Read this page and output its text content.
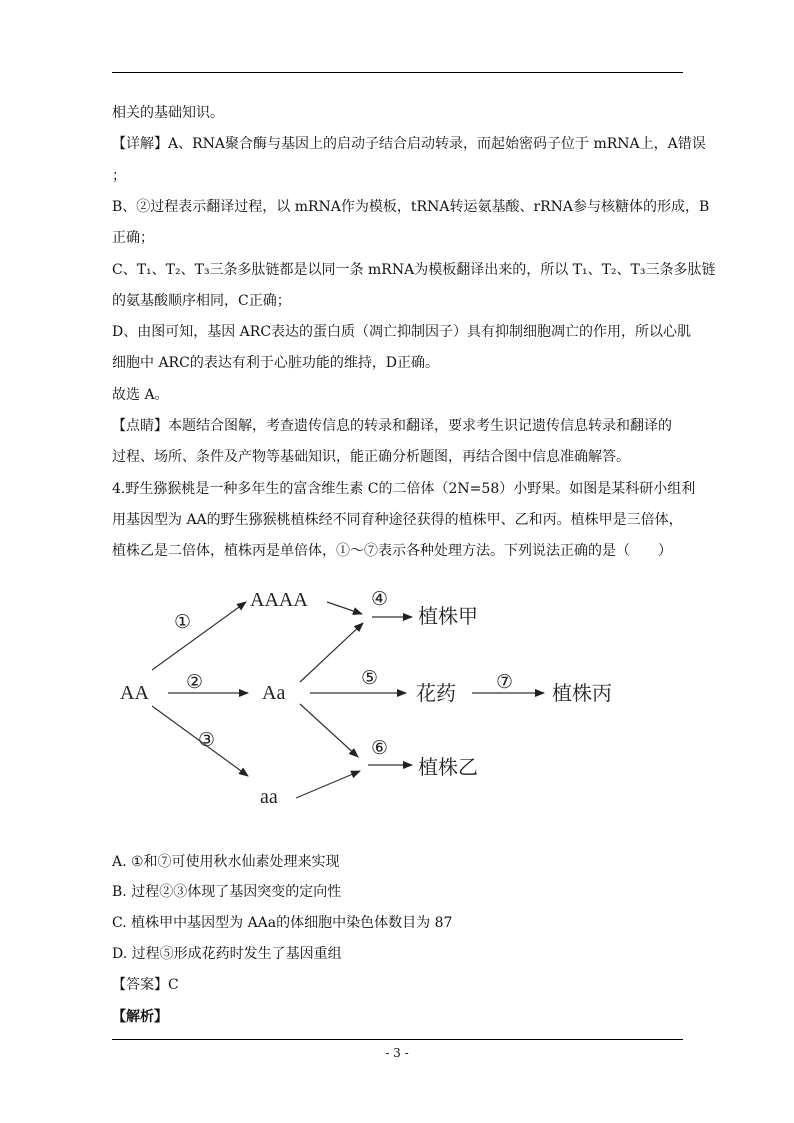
相关的基础知识。
【详解】A、RNA聚合酶与基因上的启动子结合启动转录，而起始密码子位于 mRNA上，A错误
；
B、②过程表示翻译过程，以 mRNA作为模板，tRNA转运氨基酸、rRNA参与核糖体的形成，B
正确；
C、T₁、T₂、T₃三条多肽链都是以同一条 mRNA为模板翻译出来的，所以 T₁、T₂、T₃三条多肽链
的氨基酸顺序相同，C正确；
D、由图可知，基因 ARC表达的蛋白质（凋亡抑制因子）具有抑制细胞凋亡的作用，所以心肌
细胞中 ARC的表达有利于心脏功能的维持，D正确。
故选 A。
【点睛】本题结合图解，考查遗传信息的转录和翻译，要求考生识记遗传信息转录和翻译的
过程、场所、条件及产物等基础知识，能正确分析题图，再结合图中信息准确解答。
4.野生猕猴桃是一种多年生的富含维生素 C的二倍体（2N=58）小野果。如图是某科研小组利
用基因型为 AA的野生猕猴桃植株经不同育种途径获得的植株甲、乙和丙。植株甲是三倍体，
植株乙是二倍体，植株丙是单倍体，①～⑦表示各种处理方法。下列说法正确的是（　　）
AA
AAAA
Aa
aa
植株甲
花药	植株丙
植株乙
①
②
③
④
⑤
⑥
⑦
A. ①和⑦可使用秋水仙素处理来实现
B. 过程②③体现了基因突变的定向性
C. 植株甲中基因型为 AAa的体细胞中染色体数目为 87
D. 过程⑤形成花药时发生了基因重组
【答案】C
【解析】
- 3 -
